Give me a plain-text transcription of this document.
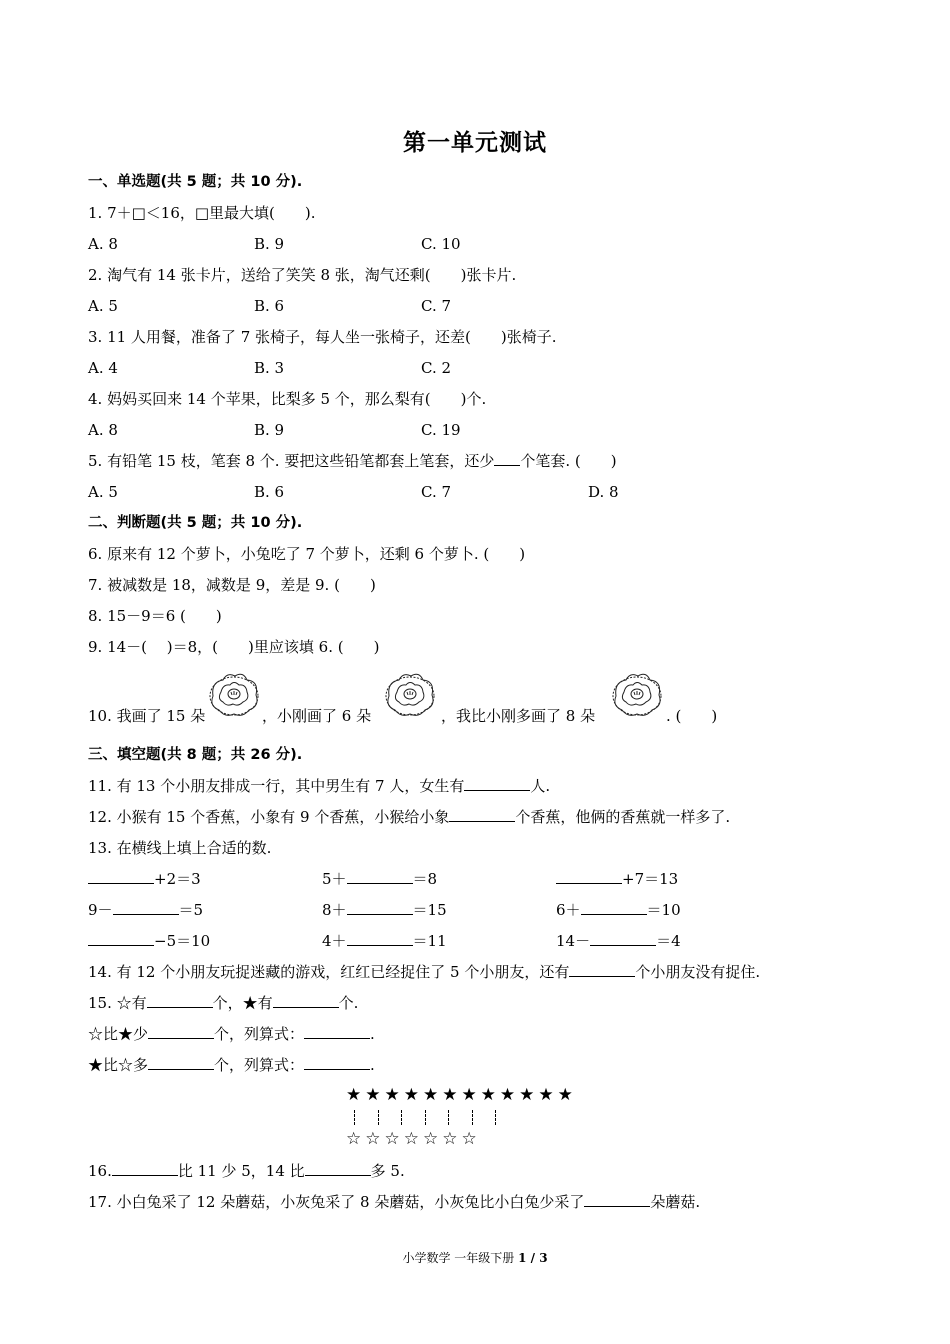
第一单元测试
一、单选题(共 5 题；共 10 分).
1. 7＋□＜16，□里最大填(　　).
A. 8	B. 9	C. 10
2. 淘气有 14 张卡片，送给了笑笑 8 张，淘气还剩(　　)张卡片.
A. 5	B. 6	C. 7
3. 11 人用餐，准备了 7 张椅子，每人坐一张椅子，还差(　　)张椅子.
A. 4	B. 3	C. 2
4. 妈妈买回来 14 个苹果，比梨多 5 个，那么梨有(　　)个.
A. 8	B. 9	C. 19
5. 有铅笔 15 枝，笔套 8 个. 要把这些铅笔都套上笔套，还少 个笔套. (　　)
A. 5	B. 6	C. 7	D. 8
二、判断题(共 5 题；共 10 分).
6. 原来有 12 个萝卜，小兔吃了 7 个萝卜，还剩 6 个萝卜. (　　)
7. 被减数是 18，减数是 9，差是 9. (　　)
8. 15－9＝6 (　　)
9. 14－(　 )＝8，(　　)里应该填 6. (　　)
10. 我画了 15 朵	，小刚画了 6 朵	，我比小刚多画了 8 朵	. (　　)
三、填空题(共 8 题；共 26 分).
11. 有 13 个小朋友排成一行，其中男生有 7 人，女生有	人.
12. 小猴有 15 个香蕉，小象有 9 个香蕉，小猴给小象	个香蕉，他俩的香蕉就一样多了.
13. 在横线上填上合适的数.
+2＝3	5＋	＝8	+7＝13
9－	＝5	8＋	＝15	6＋	＝10
−5＝10	4＋	＝11	14－	＝4
14. 有 12 个小朋友玩捉迷藏的游戏，红红已经捉住了 5 个小朋友，还有	个小朋友没有捉住.
15. ☆有	个，★有	个.
☆比★少	个，列算式：	.
★比☆多	个，列算式：	.
★★★★★★★★★★★★
☆☆☆☆☆☆☆
16.	比 11 少 5，14 比	多 5.
17. 小白兔采了 12 朵蘑菇，小灰兔采了 8 朵蘑菇，小灰兔比小白兔少采了	朵蘑菇.
小学数学 一年级下册 1 / 3
